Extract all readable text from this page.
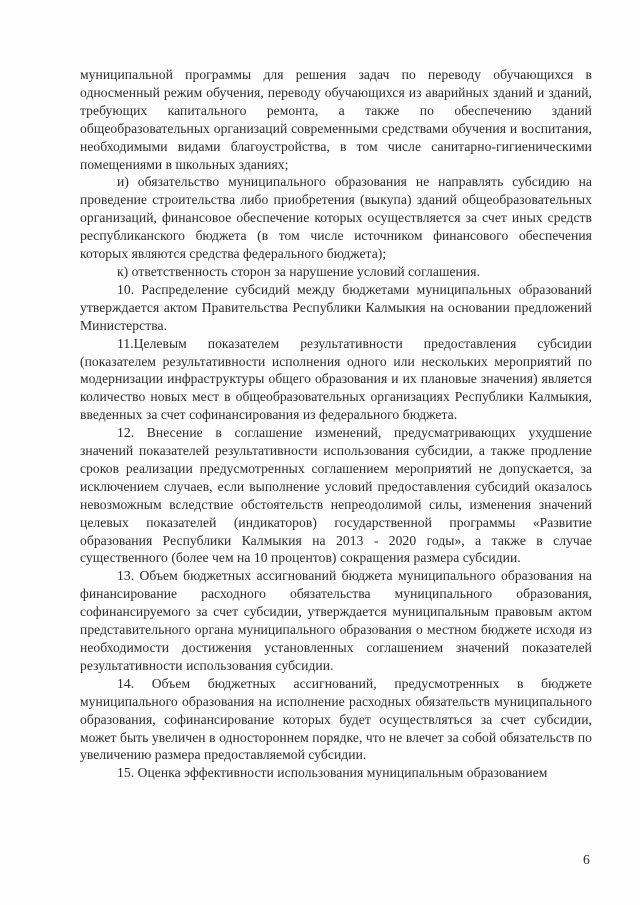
муниципальной программы для решения задач по переводу обучающихся в односменный режим обучения, переводу обучающихся из аварийных зданий и зданий, требующих капитального ремонта, а также по обеспечению зданий общеобразовательных организаций современными средствами обучения и воспитания, необходимыми видами благоустройства, в том числе санитарно-гигиеническими помещениями в школьных зданиях;

и) обязательство муниципального образования не направлять субсидию на проведение строительства либо приобретения (выкупа) зданий общеобразовательных организаций, финансовое обеспечение которых осуществляется за счет иных средств республиканского бюджета (в том числе источником финансового обеспечения которых являются средства федерального бюджета);

к) ответственность сторон за нарушение условий соглашения.

10. Распределение субсидий между бюджетами муниципальных образований утверждается актом Правительства Республики Калмыкия на основании предложений Министерства.

11.Целевым показателем результативности предоставления субсидии (показателем результативности исполнения одного или нескольких мероприятий по модернизации инфраструктуры общего образования и их плановые значения) является количество новых мест в общеобразовательных организациях Республики Калмыкия, введенных за счет софинансирования из федерального бюджета.

12. Внесение в соглашение изменений, предусматривающих ухудшение значений показателей результативности использования субсидии, а также продление сроков реализации предусмотренных соглашением мероприятий не допускается, за исключением случаев, если выполнение условий предоставления субсидий оказалось невозможным вследствие обстоятельств непреодолимой силы, изменения значений целевых показателей (индикаторов) государственной программы «Развитие образования Республики Калмыкия на 2013 - 2020 годы», а также в случае существенного (более чем на 10 процентов) сокращения размера субсидии.

13. Объем бюджетных ассигнований бюджета муниципального образования на финансирование расходного обязательства муниципального образования, софинансируемого за счет субсидии, утверждается муниципальным правовым актом представительного органа муниципального образования о местном бюджете исходя из необходимости достижения установленных соглашением значений показателей результативности использования субсидии.

14. Объем бюджетных ассигнований, предусмотренных в бюджете муниципального образования на исполнение расходных обязательств муниципального образования, софинансирование которых будет осуществляться за счет субсидии, может быть увеличен в одностороннем порядке, что не влечет за собой обязательств по увеличению размера предоставляемой субсидии.

15. Оценка эффективности использования муниципальным образованием

6
